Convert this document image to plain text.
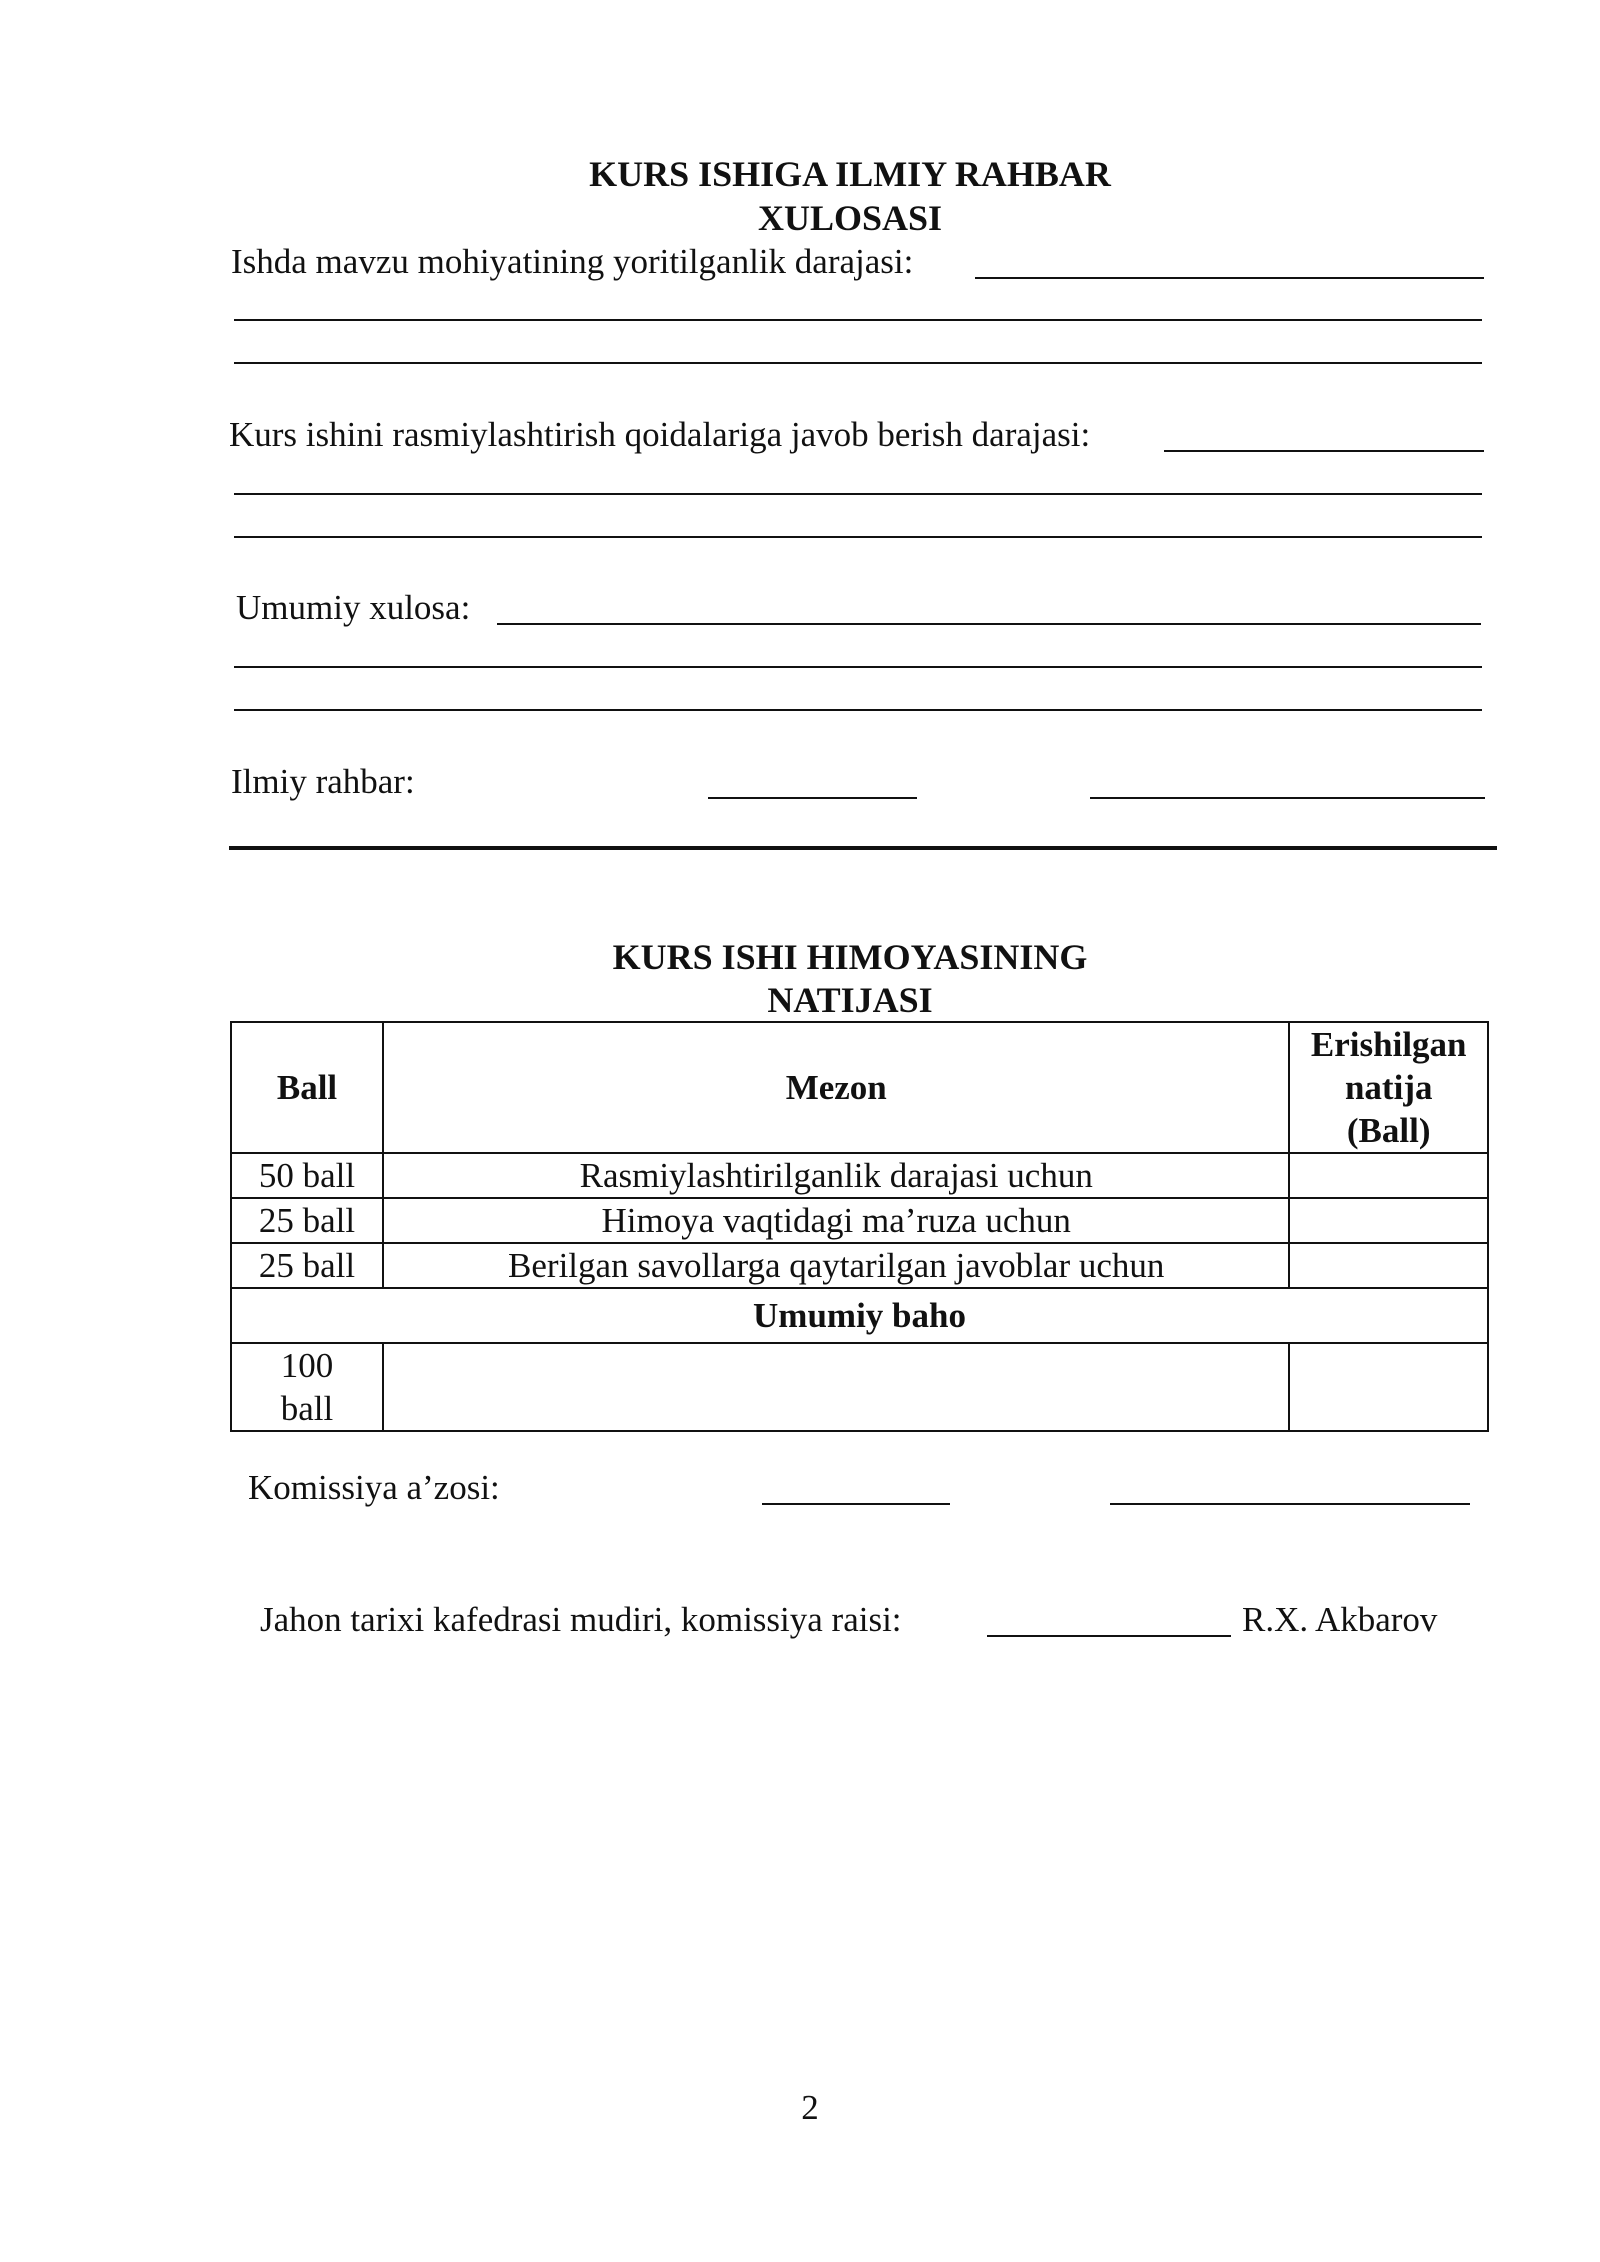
KURS ISHIGA ILMIY RAHBAR
XULOSASI
Ishda mavzu mohiyatining yoritilganlik darajasi:
Kurs ishini rasmiylashtirish qoidalariga javob berish darajasi:
Umumiy xulosa:
Ilmiy rahbar:
KURS ISHI HIMOYASINING
NATIJASI
Ball	Mezon	Erishilgan
natija
(Ball)

50 ball	Rasmiylashtirilganlik darajasi uchun	
25 ball	Himoya vaqtidagi ma’ruza uchun	
25 ball	Berilgan savollarga qaytarilgan javoblar uchun	
Umumiy baho		

100
ball		

Komissiya a’zosi:
Jahon tarixi kafedrasi mudiri, komissiya raisi:	R.X. Akbarov
2
